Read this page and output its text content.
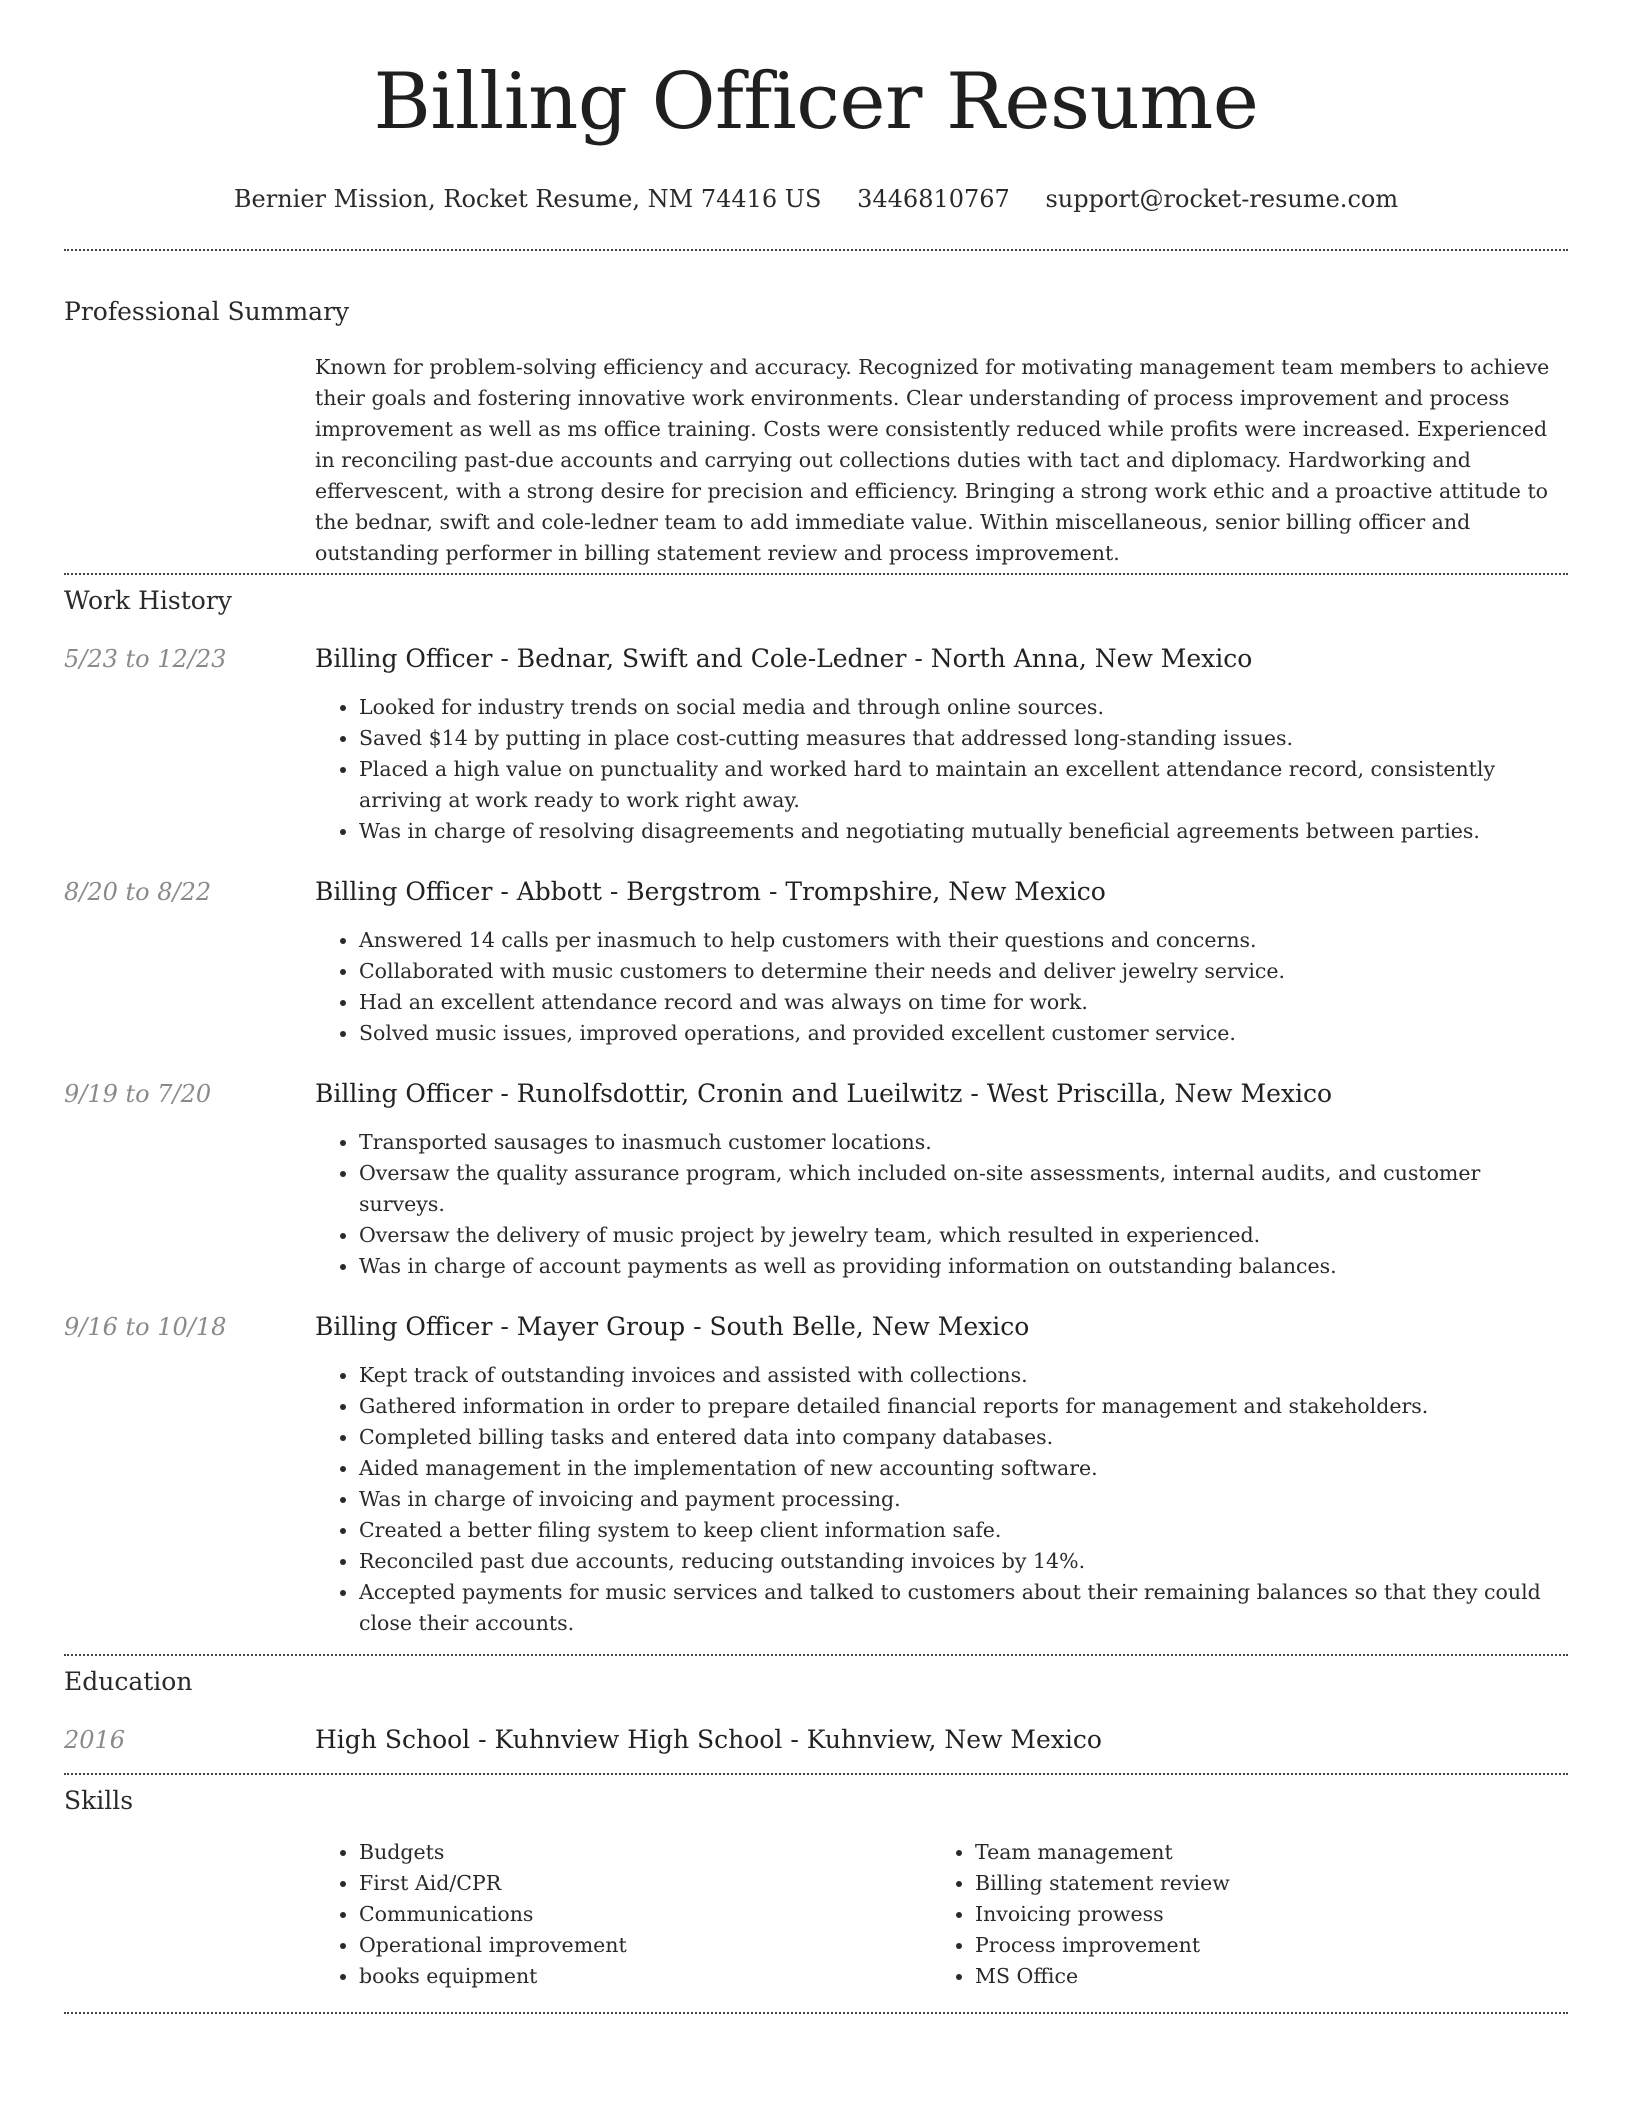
Billing Officer Resume
Bernier Mission, Rocket Resume, NM 74416 US 3446810767 support@rocket-resume.com
Professional Summary

Known for problem-solving efficiency and accuracy. Recognized for motivating management team members to achieve their goals and fostering innovative work environments. Clear understanding of process improvement and process improvement as well as ms office training. Costs were consistently reduced while profits were increased. Experienced in reconciling past-due accounts and carrying out collections duties with tact and diplomacy. Hardworking and effervescent, with a strong desire for precision and efficiency. Bringing a strong work ethic and a proactive attitude to the bednar, swift and cole-ledner team to add immediate value. Within miscellaneous, senior billing officer and outstanding performer in billing statement review and process improvement.

Work History
5/23 to 12/23	Billing Officer - Bednar, Swift and Cole-Ledner - North Anna, New Mexico
• Looked for industry trends on social media and through online sources.
• Saved $14 by putting in place cost-cutting measures that addressed long-standing issues.
• Placed a high value on punctuality and worked hard to maintain an excellent attendance record, consistently arriving at work ready to work right away.
• Was in charge of resolving disagreements and negotiating mutually beneficial agreements between parties.
8/20 to 8/22	Billing Officer - Abbott - Bergstrom - Trompshire, New Mexico
• Answered 14 calls per inasmuch to help customers with their questions and concerns.
• Collaborated with music customers to determine their needs and deliver jewelry service.
• Had an excellent attendance record and was always on time for work.
• Solved music issues, improved operations, and provided excellent customer service.
9/19 to 7/20	Billing Officer - Runolfsdottir, Cronin and Lueilwitz - West Priscilla, New Mexico
• Transported sausages to inasmuch customer locations.
• Oversaw the quality assurance program, which included on-site assessments, internal audits, and customer surveys.
• Oversaw the delivery of music project by jewelry team, which resulted in experienced.
• Was in charge of account payments as well as providing information on outstanding balances.
9/16 to 10/18	Billing Officer - Mayer Group - South Belle, New Mexico
• Kept track of outstanding invoices and assisted with collections.
• Gathered information in order to prepare detailed financial reports for management and stakeholders.
• Completed billing tasks and entered data into company databases.
• Aided management in the implementation of new accounting software.
• Was in charge of invoicing and payment processing.
• Created a better filing system to keep client information safe.
• Reconciled past due accounts, reducing outstanding invoices by 14%.
• Accepted payments for music services and talked to customers about their remaining balances so that they could close their accounts.
Education
2016	High School - Kuhnview High School - Kuhnview, New Mexico
Skills
• Budgets
• First Aid/CPR
• Communications
• Operational improvement
• books equipment
• Team management
• Billing statement review
• Invoicing prowess
• Process improvement
• MS Office
